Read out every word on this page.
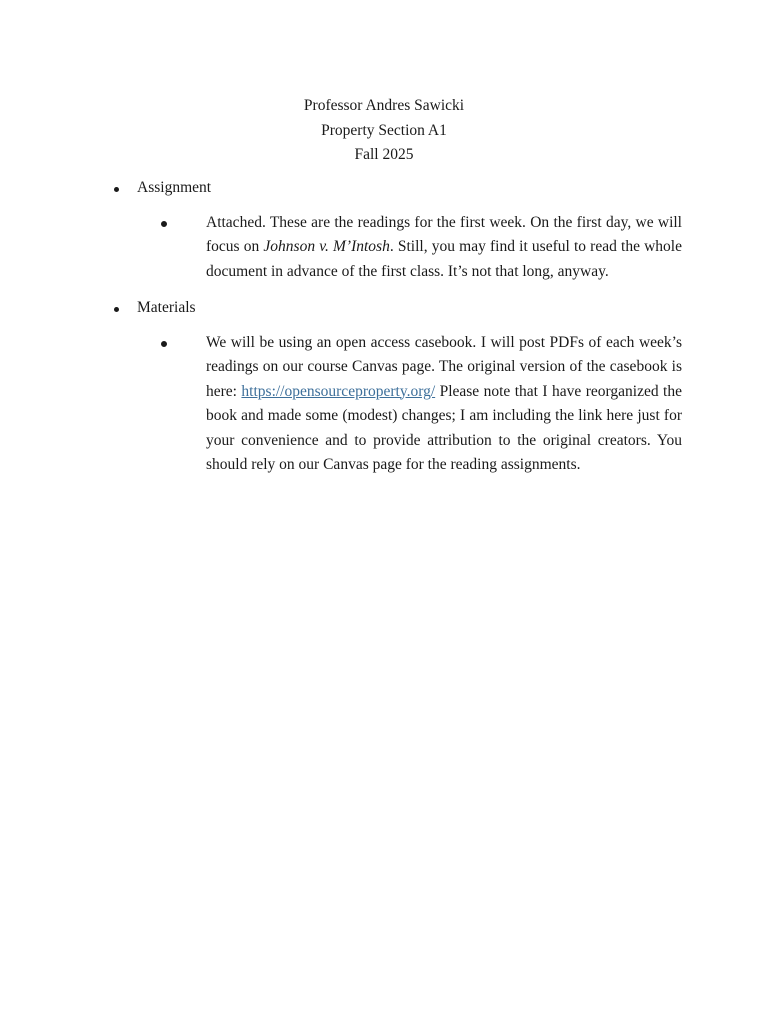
Professor Andres Sawicki
Property Section A1
Fall 2025
Assignment
Attached. These are the readings for the first week. On the first day, we will focus on Johnson v. M’Intosh. Still, you may find it useful to read the whole document in advance of the first class. It’s not that long, anyway.
Materials
We will be using an open access casebook. I will post PDFs of each week’s readings on our course Canvas page. The original version of the casebook is here: https://opensourceproperty.org/ Please note that I have reorganized the book and made some (modest) changes; I am including the link here just for your convenience and to provide attribution to the original creators. You should rely on our Canvas page for the reading assignments.
